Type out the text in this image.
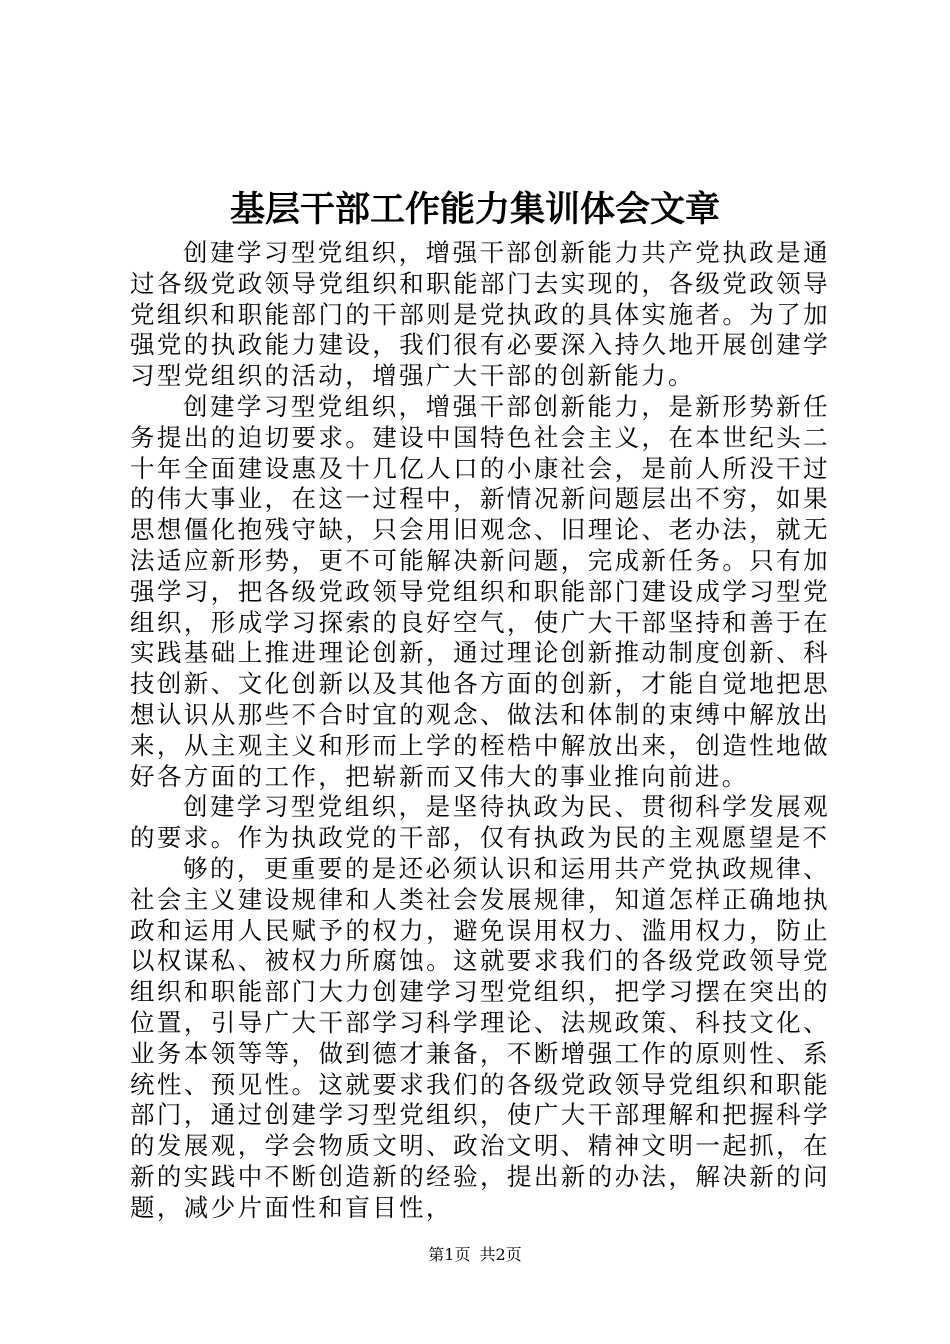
基层干部工作能力集训体会文章

创建学习型党组织，增强干部创新能力共产党执政是通过各级党政领导党组织和职能部门去实现的，各级党政领导党组织和职能部门的干部则是党执政的具体实施者。为了加强党的执政能力建设，我们很有必要深入持久地开展创建学习型党组织的活动，增强广大干部的创新能力。

创建学习型党组织，增强干部创新能力，是新形势新任务提出的迫切要求。建设中国特色社会主义，在本世纪头二十年全面建设惠及十几亿人口的小康社会，是前人所没干过的伟大事业，在这一过程中，新情况新问题层出不穷，如果思想僵化抱残守缺，只会用旧观念、旧理论、老办法，就无法适应新形势，更不可能解决新问题，完成新任务。只有加强学习，把各级党政领导党组织和职能部门建设成学习型党组织，形成学习探索的良好空气，使广大干部坚持和善于在实践基础上推进理论创新，通过理论创新推动制度创新、科技创新、文化创新以及其他各方面的创新，才能自觉地把思想认识从那些不合时宜的观念、做法和体制的束缚中解放出来，从主观主义和形而上学的桎梏中解放出来，创造性地做好各方面的工作，把崭新而又伟大的事业推向前进。

创建学习型党组织，是坚待执政为民、贯彻科学发展观的要求。作为执政党的干部，仅有执政为民的主观愿望是不

够的，更重要的是还必须认识和运用共产党执政规律、社会主义建设规律和人类社会发展规律，知道怎样正确地执政和运用人民赋予的权力，避免误用权力、滥用权力，防止以权谋私、被权力所腐蚀。这就要求我们的各级党政领导党组织和职能部门大力创建学习型党组织，把学习摆在突出的位置，引导广大干部学习科学理论、法规政策、科技文化、业务本领等等，做到德才兼备，不断增强工作的原则性、系统性、预见性。这就要求我们的各级党政领导党组织和职能部门，通过创建学习型党组织，使广大干部理解和把握科学的发展观，学会物质文明、政治文明、精神文明一起抓，在新的实践中不断创造新的经验，提出新的办法，解决新的问题，减少片面性和盲目性，

第1页 共2页
